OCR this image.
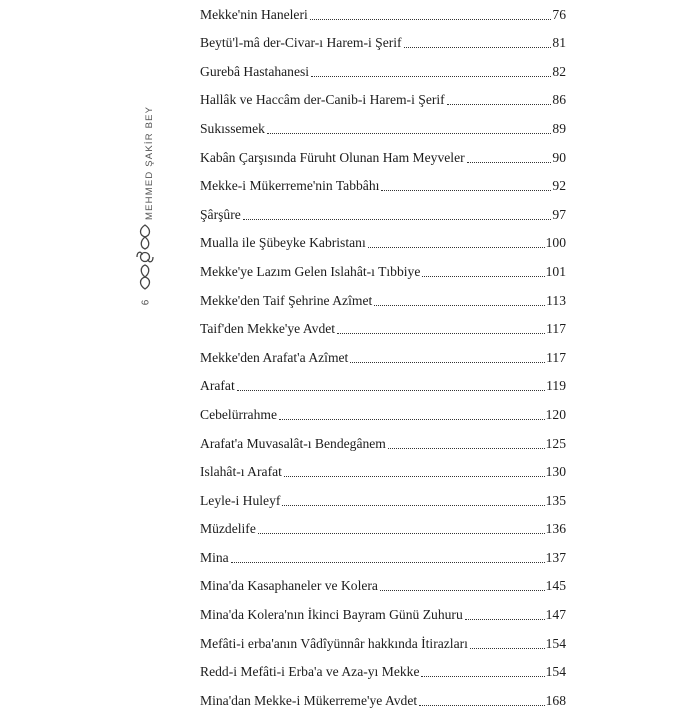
MEHMED ŞAKİR BEY
6
Mekke'nin Haneleri	76
Beytü'l-mâ der-Civar-ı Harem-i Şerif	81
Gurebâ Hastahanesi	82
Hallâk ve Haccâm der-Canib-i Harem-i Şerif	86
Sukıssemek	89
Kabân Çarşısında Füruht Olunan Ham Meyveler	90
Mekke-i Mükerreme'nin Tabbâhı	92
Şârşûre	97
Mualla ile Şübeyke Kabristanı	100
Mekke'ye Lazım Gelen Islahât-ı Tıbbiye	101
Mekke'den Taif Şehrine Azîmet	113
Taif'den Mekke'ye Avdet	117
Mekke'den Arafat'a Azîmet	117
Arafat	119
Cebelürrahme	120
Arafat'a Muvasalât-ı Bendegânem	125
Islahât-ı Arafat	130
Leyle-i Huleyf	135
Müzdelife	136
Mina	137
Mina'da Kasaphaneler ve Kolera	145
Mina'da Kolera'nın İkinci Bayram Günü Zuhuru	147
Mefâti-i erba'anın Vâdîyünnâr hakkında İtirazları	154
Redd-i Mefâti-i Erba'a ve Aza-yı Mekke	154
Mina'dan Mekke-i Mükerreme'ye Avdet	168
